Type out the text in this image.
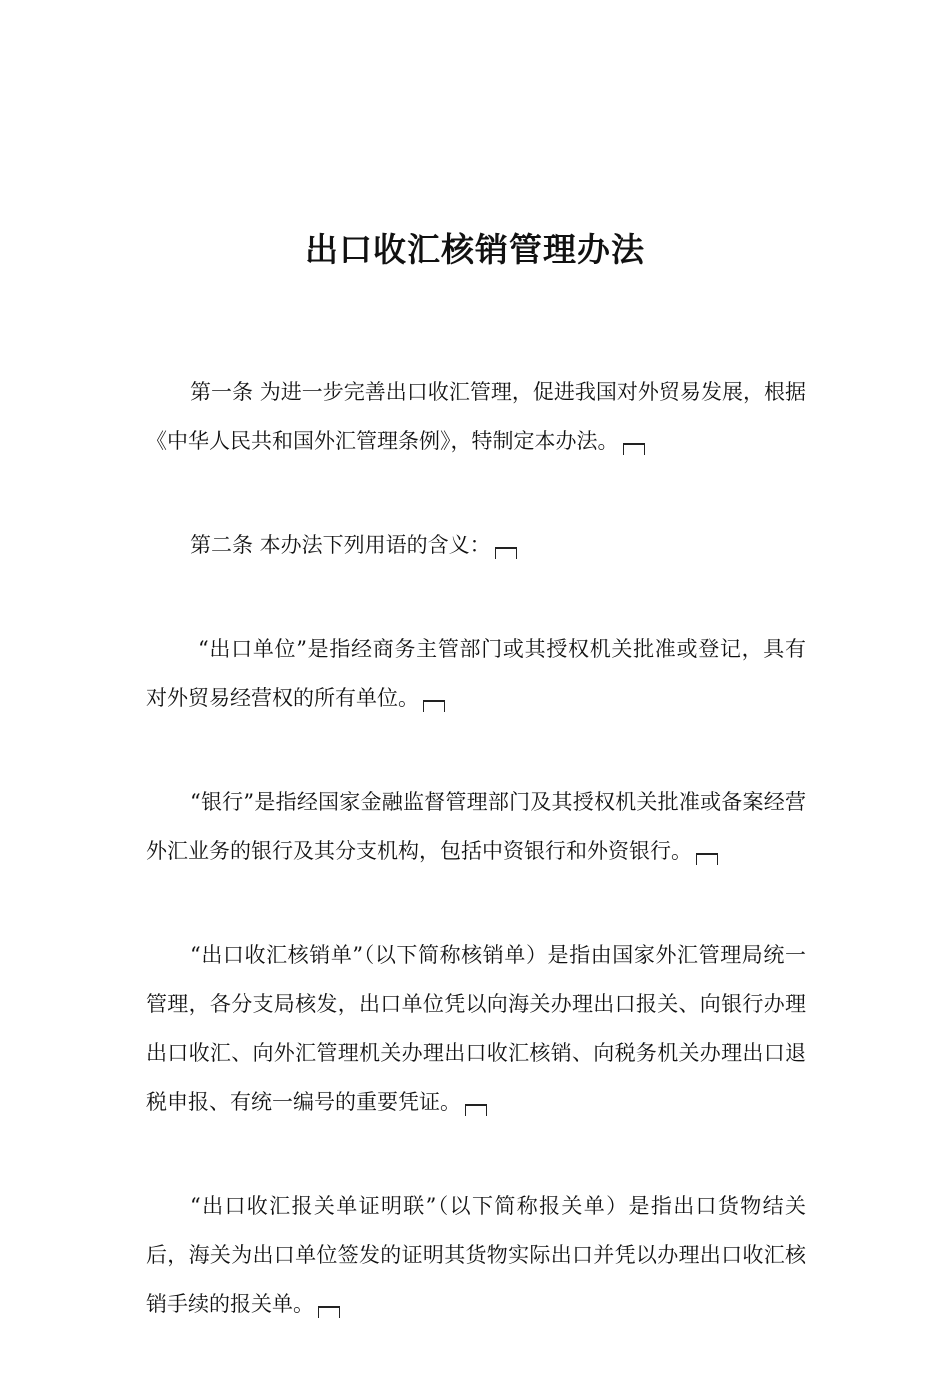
出口收汇核销管理办法

第一条 为进一步完善出口收汇管理，促进我国对外贸易发展，根据《中华人民共和国外汇管理条例》，特制定本办法。

第二条 本办法下列用语的含义：

“出口单位”是指经商务主管部门或其授权机关批准或登记，具有对外贸易经营权的所有单位。

“银行”是指经国家金融监督管理部门及其授权机关批准或备案经营外汇业务的银行及其分支机构，包括中资银行和外资银行。

“出口收汇核销单”（以下简称核销单）是指由国家外汇管理局统一管理，各分支局核发，出口单位凭以向海关办理出口报关、向银行办理出口收汇、向外汇管理机关办理出口收汇核销、向税务机关办理出口退税申报、有统一编号的重要凭证。

“出口收汇报关单证明联”（以下简称报关单）是指出口货物结关后，海关为出口单位签发的证明其货物实际出口并凭以办理出口收汇核销手续的报关单。
